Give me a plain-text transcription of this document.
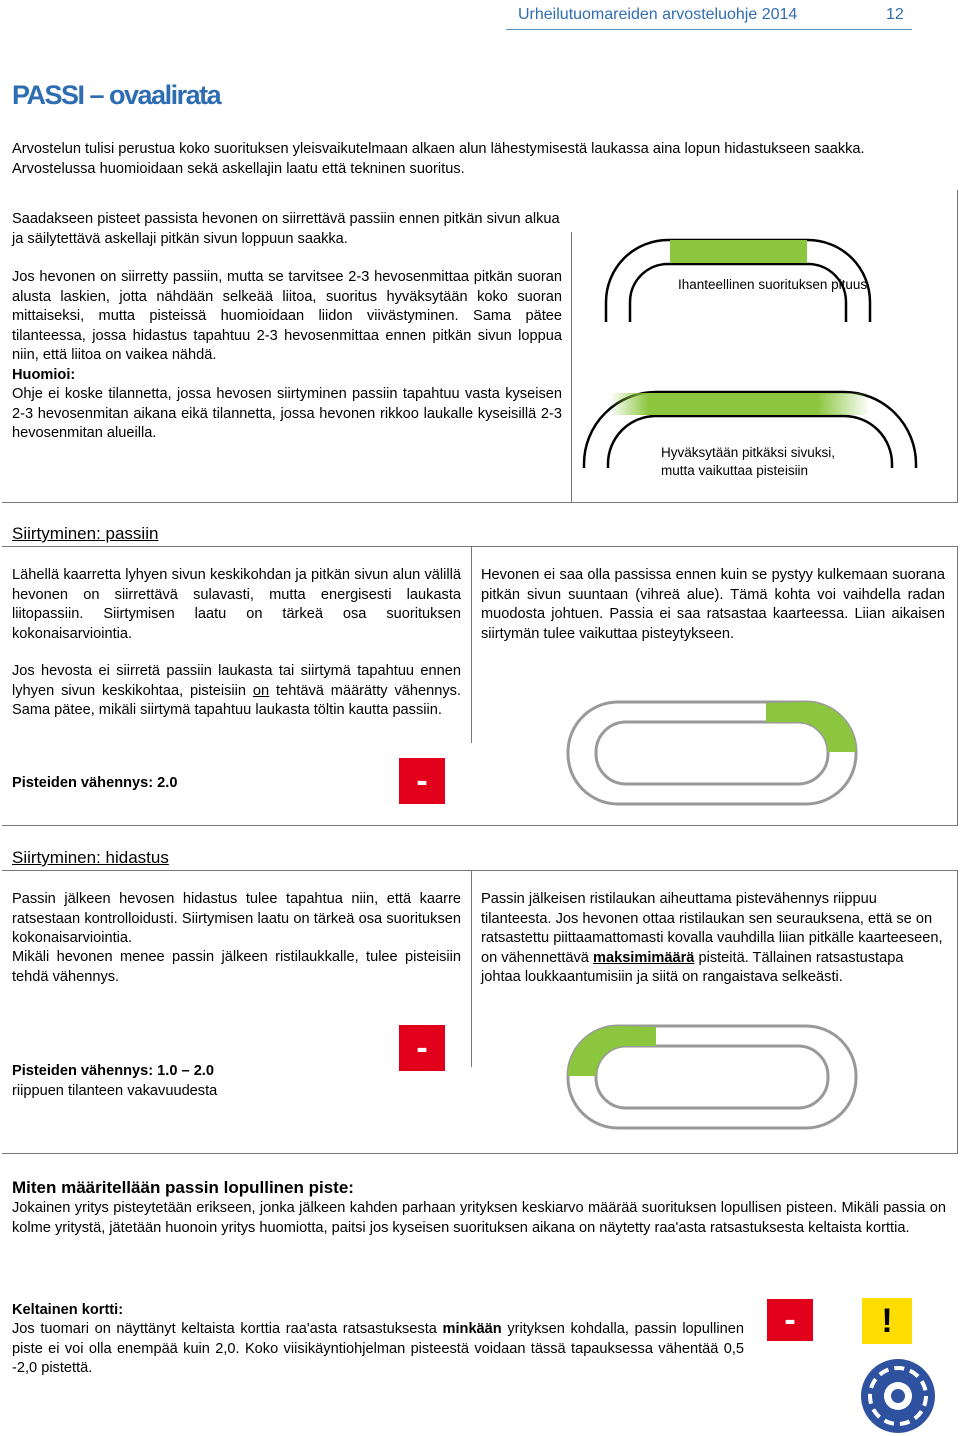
Urheilutuomareiden arvosteluohje 2014	12
PASSI – ovaalirata
Arvostelun tulisi perustua koko suorituksen yleisvaikutelmaan alkaen alun lähestymisestä laukassa aina lopun hidastukseen saakka. Arvostelussa huomioidaan sekä askellajin laatu että tekninen suoritus.
Saadakseen pisteet passista hevonen on siirrettävä passiin ennen pitkän sivun alkua ja säilytettävä askellaji pitkän sivun loppuun saakka.
Jos hevonen on siirretty passiin, mutta se tarvitsee 2-3 hevosenmittaa pitkän suoran alusta laskien, jotta nähdään selkeää liitoa, suoritus hyväksytään koko suoran mittaiseksi, mutta pisteissä huomioidaan liidon viivästyminen. Sama pätee tilanteessa, jossa hidastus tapahtuu 2-3 hevosenmittaa ennen pitkän sivun loppua niin, että liitoa on vaikea nähdä.
Huomioi:
Ohje ei koske tilannetta, jossa hevosen siirtyminen passiin tapahtuu vasta kyseisen 2-3 hevosenmitan aikana eikä tilannetta, jossa hevonen rikkoo laukalle kyseisillä 2-3 hevosenmitan alueilla.
Ihanteellinen suorituksen pituus
Hyväksytään pitkäksi sivuksi, mutta vaikuttaa pisteisiin
Siirtyminen: passiin
Lähellä kaarretta lyhyen sivun keskikohdan ja pitkän sivun alun välillä hevonen on siirrettävä sulavasti, mutta energisesti laukasta liitopassiin. Siirtymisen laatu on tärkeä osa suorituksen kokonaisarviointia.
Jos hevosta ei siirretä passiin laukasta tai siirtymä tapahtuu ennen lyhyen sivun keskikohtaa, pisteisiin on tehtävä määrätty vähennys. Sama pätee, mikäli siirtymä tapahtuu laukasta töltin kautta passiin.
Hevonen ei saa olla passissa ennen kuin se pystyy kulkemaan suorana pitkän sivun suuntaan (vihreä alue). Tämä kohta voi vaihdella radan muodosta johtuen. Passia ei saa ratsastaa kaarteessa. Liian aikaisen siirtymän tulee vaikuttaa pisteytykseen.
Pisteiden vähennys: 2.0	-
Siirtyminen: hidastus
Passin jälkeen hevosen hidastus tulee tapahtua niin, että kaarre ratsestaan kontrolloidusti. Siirtymisen laatu on tärkeä osa suorituksen kokonaisarviointia.
Mikäli hevonen menee passin jälkeen ristilaukkalle, tulee pisteisiin tehdä vähennys.
Passin jälkeisen ristilaukan aiheuttama pistevähennys riippuu tilanteesta. Jos hevonen ottaa ristilaukan sen seurauksena, että se on ratsastettu piittaamattomasti kovalla vauhdilla liian pitkälle kaarteeseen, on vähennettävä maksimimäärä pisteitä. Tällainen ratsastustapa johtaa loukkaantumisiin ja siitä on rangaistava selkeästi.
Pisteiden vähennys: 1.0 – 2.0
riippuen tilanteen vakavuudesta
-
Miten määritellään passin lopullinen piste:
Jokainen yritys pisteytetään erikseen, jonka jälkeen kahden parhaan yrityksen keskiarvo määrää suorituksen lopullisen pisteen. Mikäli passia on kolme yritystä, jätetään huonoin yritys huomiotta, paitsi jos kyseisen suorituksen aikana on näytetty raa'asta ratsastuksesta keltaista korttia.
Keltainen kortti:
Jos tuomari on näyttänyt keltaista korttia raa'asta ratsastuksesta minkään yrityksen kohdalla, passin lopullinen piste ei voi olla enempää kuin 2,0. Koko viisikäyntiohjelman pisteestä voidaan tässä tapauksessa vähentää 0,5 -2,0 pistettä.
-	!
